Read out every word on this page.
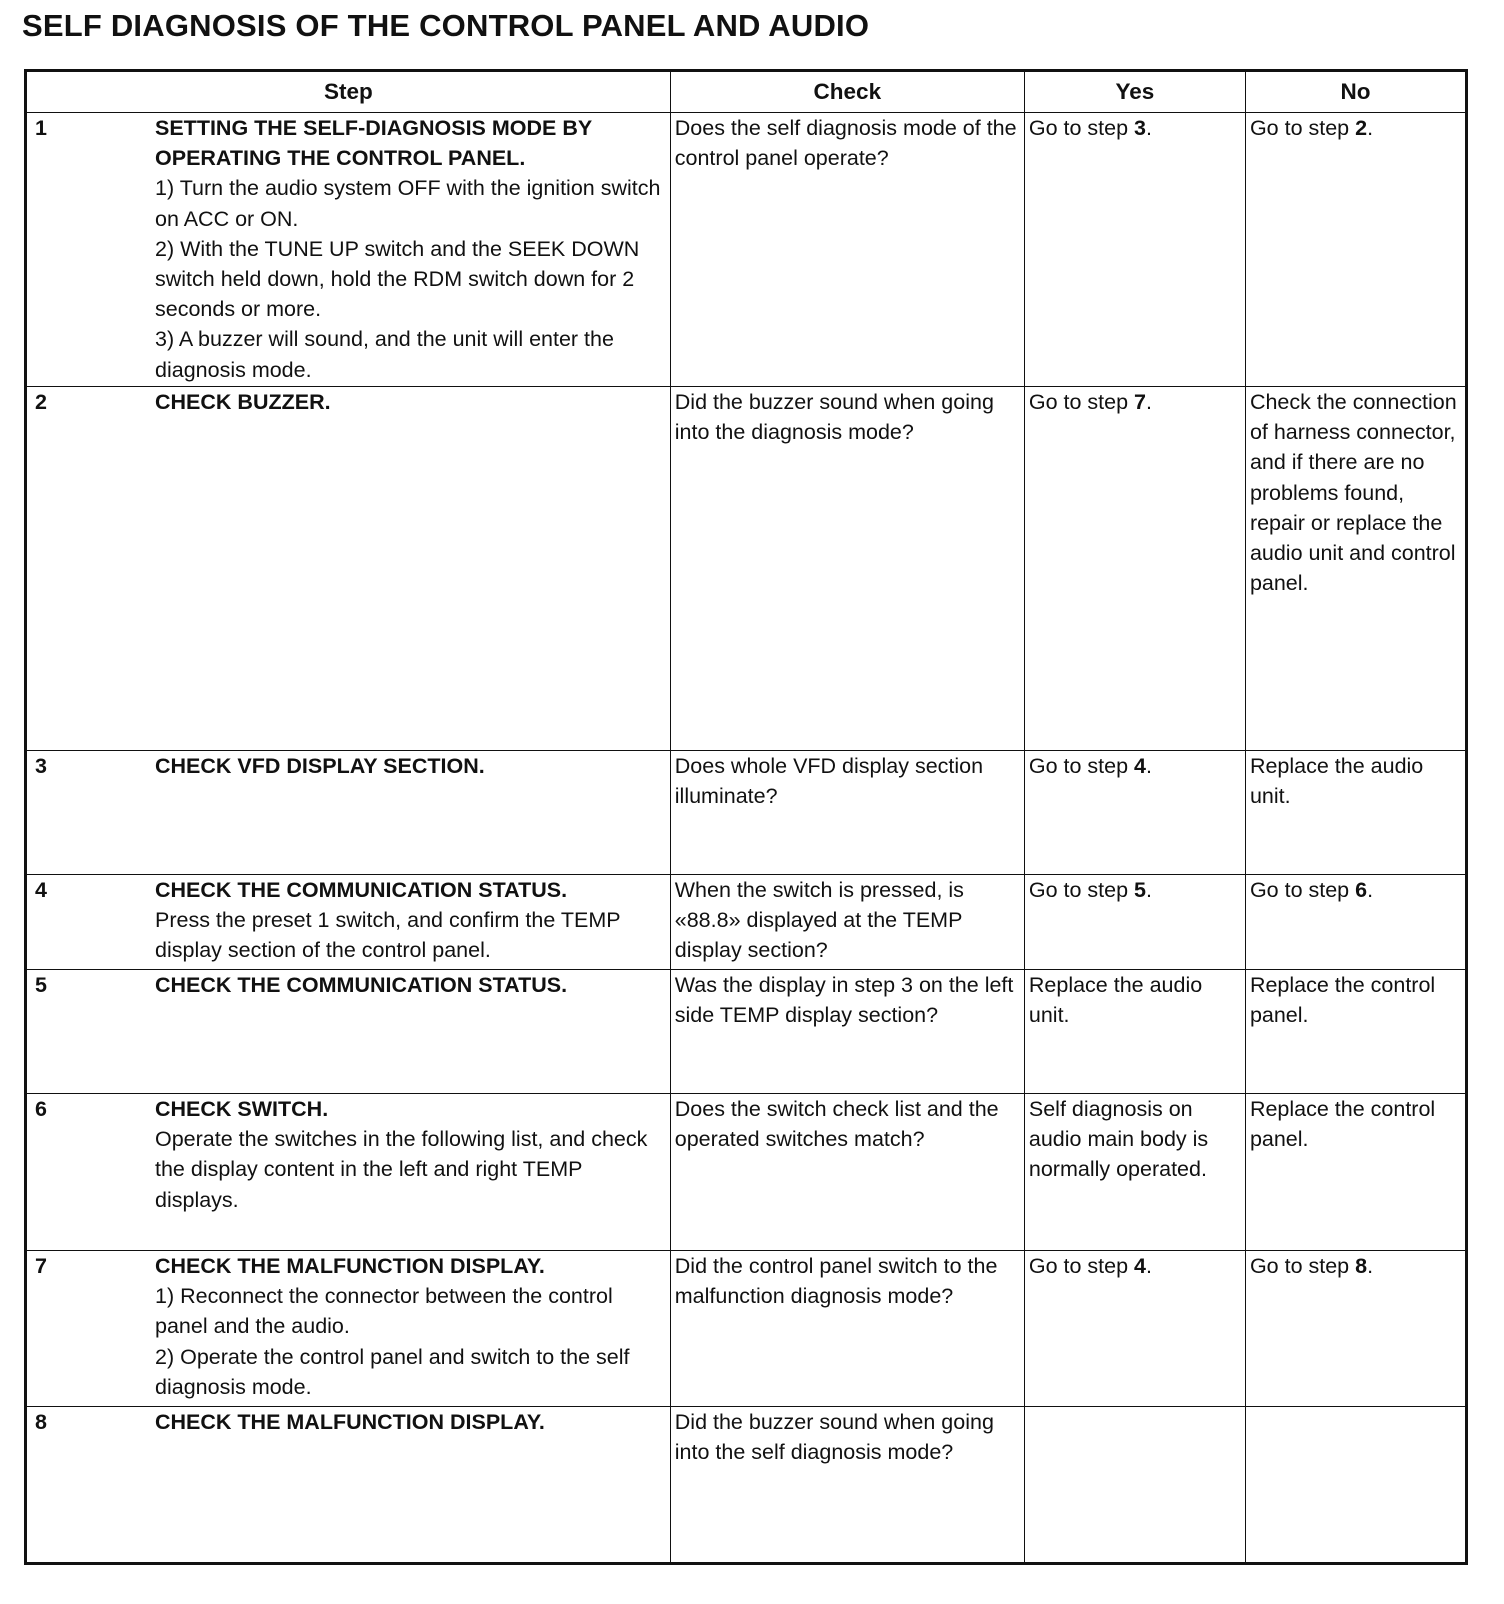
SELF DIAGNOSIS OF THE CONTROL PANEL AND AUDIO
Step	Check	Yes	No

1 SETTING THE SELF-DIAGNOSIS MODE BY OPERATING THE CONTROL PANEL.
1) Turn the audio system OFF with the ignition switch on ACC or ON.
2) With the TUNE UP switch and the SEEK DOWN switch held down, hold the RDM switch down for 2 seconds or more.
3) A buzzer will sound, and the unit will enter the diagnosis mode.	Does the self diagnosis mode of the control panel operate?	Go to step 3.	Go to step 2.

2 CHECK BUZZER.	Did the buzzer sound when going into the diagnosis mode?	Go to step 7.	Check the connection of harness connector, and if there are no problems found, repair or replace the audio unit and control panel.

3 CHECK VFD DISPLAY SECTION.	Does whole VFD display section illuminate?	Go to step 4.	Replace the audio unit.

4 CHECK THE COMMUNICATION STATUS.
Press the preset 1 switch, and confirm the TEMP display section of the control panel.	When the switch is pressed, is «88.8» displayed at the TEMP display section?	Go to step 5.	Go to step 6.

5 CHECK THE COMMUNICATION STATUS.	Was the display in step 3 on the left side TEMP display section?	Replace the audio unit.	Replace the control panel.

6 CHECK SWITCH.
Operate the switches in the following list, and check the display content in the left and right TEMP displays.	Does the switch check list and the operated switches match?	Self diagnosis on audio main body is normally operated.	Replace the control panel.

7 CHECK THE MALFUNCTION DISPLAY.
1) Reconnect the connector between the control panel and the audio.
2) Operate the control panel and switch to the self diagnosis mode.	Did the control panel switch to the malfunction diagnosis mode?	Go to step 4.	Go to step 8.

8 CHECK THE MALFUNCTION DISPLAY.	Did the buzzer sound when going into the self diagnosis mode?		
